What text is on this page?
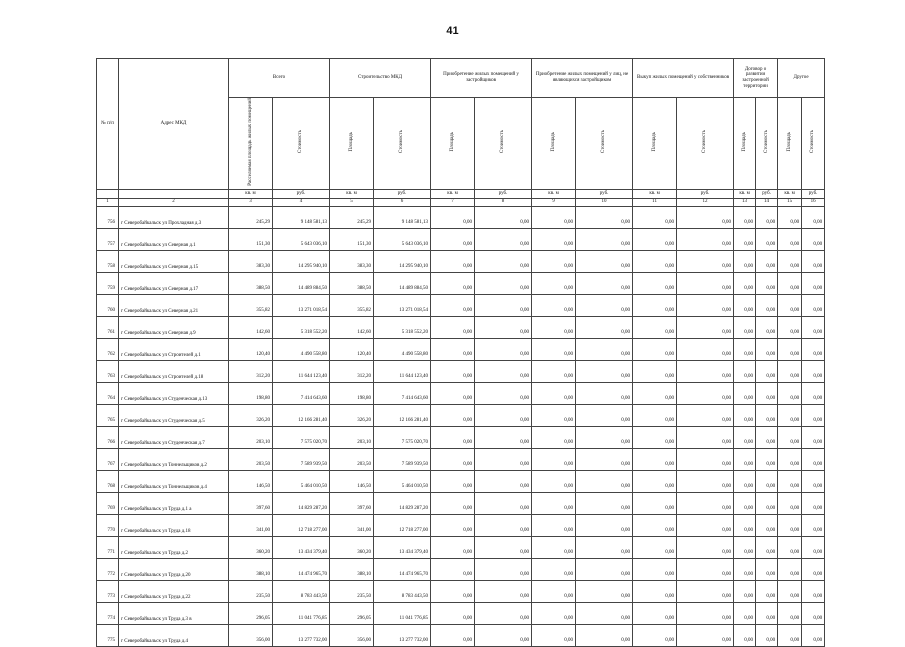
41
№ п/п	Адрес МКД	Всего		Строительство МКД		Приобретение жилых помещений у застройщиков		Приобретение жилых помещений у лиц, не являющихся застройщиком		Выкуп жилых помещений у собственников		Договор о развитии застроенной территории		Другое	
		Расселяемая площадь жилых помещений	Стоимость	Площадь	Стоимость	Площадь	Стоимость	Площадь	Стоимость	Площадь	Стоимость	Площадь	Стоимость	Площадь	Стоимость
		кв. м	руб.	кв. м	руб.	кв. м	руб.	кв. м	руб.	кв. м	руб.	кв. м	руб.	кв. м	руб.
1	2	3	4	5	6	7	8	9	10	11	12	13	14	15	16
756	г Северобайкальск ул Прохладная д.3	245,29	9 148 581,13	245,29	9 148 581,13	0,00	0,00	0,00	0,00	0,00	0,00	0,00	0,00	0,00	0,00
757	г Северобайкальск ул Северная д.1	151,30	5 643 036,10	151,30	5 643 036,10	0,00	0,00	0,00	0,00	0,00	0,00	0,00	0,00	0,00	0,00
758	г Северобайкальск ул Северная д.15	383,30	14 295 940,10	383,30	14 295 940,10	0,00	0,00	0,00	0,00	0,00	0,00	0,00	0,00	0,00	0,00
759	г Северобайкальск ул Северная д.17	388,50	14 489 884,50	388,50	14 489 884,50	0,00	0,00	0,00	0,00	0,00	0,00	0,00	0,00	0,00	0,00
760	г Северобайкальск ул Северная д.21	355,82	13 271 018,54	355,82	13 271 018,54	0,00	0,00	0,00	0,00	0,00	0,00	0,00	0,00	0,00	0,00
761	г Северобайкальск ул Северная д.9	142,60	5 318 552,20	142,60	5 318 552,20	0,00	0,00	0,00	0,00	0,00	0,00	0,00	0,00	0,00	0,00
762	г Северобайкальск ул Строителей д.1	120,40	4 490 558,80	120,40	4 490 558,80	0,00	0,00	0,00	0,00	0,00	0,00	0,00	0,00	0,00	0,00
763	г Северобайкальск ул Строителей д.18	312,20	11 644 123,40	312,20	11 644 123,40	0,00	0,00	0,00	0,00	0,00	0,00	0,00	0,00	0,00	0,00
764	г Северобайкальск ул Студенческая д.13	198,80	7 414 643,60	198,80	7 414 643,60	0,00	0,00	0,00	0,00	0,00	0,00	0,00	0,00	0,00	0,00
765	г Северобайкальск ул Студенческая д.5	326,20	12 166 281,40	326,20	12 166 281,40	0,00	0,00	0,00	0,00	0,00	0,00	0,00	0,00	0,00	0,00
766	г Северобайкальск ул Студенческая д.7	203,10	7 575 020,70	203,10	7 575 020,70	0,00	0,00	0,00	0,00	0,00	0,00	0,00	0,00	0,00	0,00
767	г Северобайкальск ул Тоннельщиков д.2	203,50	7 589 939,50	203,50	7 589 939,50	0,00	0,00	0,00	0,00	0,00	0,00	0,00	0,00	0,00	0,00
768	г Северобайкальск ул Тоннельщиков д.4	146,50	5 464 010,50	146,50	5 464 010,50	0,00	0,00	0,00	0,00	0,00	0,00	0,00	0,00	0,00	0,00
769	г Северобайкальск ул Труда д.1 а	397,60	14 829 287,20	397,60	14 829 287,20	0,00	0,00	0,00	0,00	0,00	0,00	0,00	0,00	0,00	0,00
770	г Северобайкальск ул Труда д.18	341,00	12 718 277,00	341,00	12 718 277,00	0,00	0,00	0,00	0,00	0,00	0,00	0,00	0,00	0,00	0,00
771	г Северобайкальск ул Труда д.2	360,20	13 434 379,40	360,20	13 434 379,40	0,00	0,00	0,00	0,00	0,00	0,00	0,00	0,00	0,00	0,00
772	г Северобайкальск ул Труда д.20	388,10	14 474 965,70	388,10	14 474 965,70	0,00	0,00	0,00	0,00	0,00	0,00	0,00	0,00	0,00	0,00
773	г Северобайкальск ул Труда д.22	235,50	8 783 443,50	235,50	8 783 443,50	0,00	0,00	0,00	0,00	0,00	0,00	0,00	0,00	0,00	0,00
774	г Северобайкальск ул Труда д.3 в	296,05	11 041 776,85	296,05	11 041 776,85	0,00	0,00	0,00	0,00	0,00	0,00	0,00	0,00	0,00	0,00
775	г Северобайкальск ул Труда д.4	356,00	13 277 732,00	356,00	13 277 732,00	0,00	0,00	0,00	0,00	0,00	0,00	0,00	0,00	0,00	0,00
